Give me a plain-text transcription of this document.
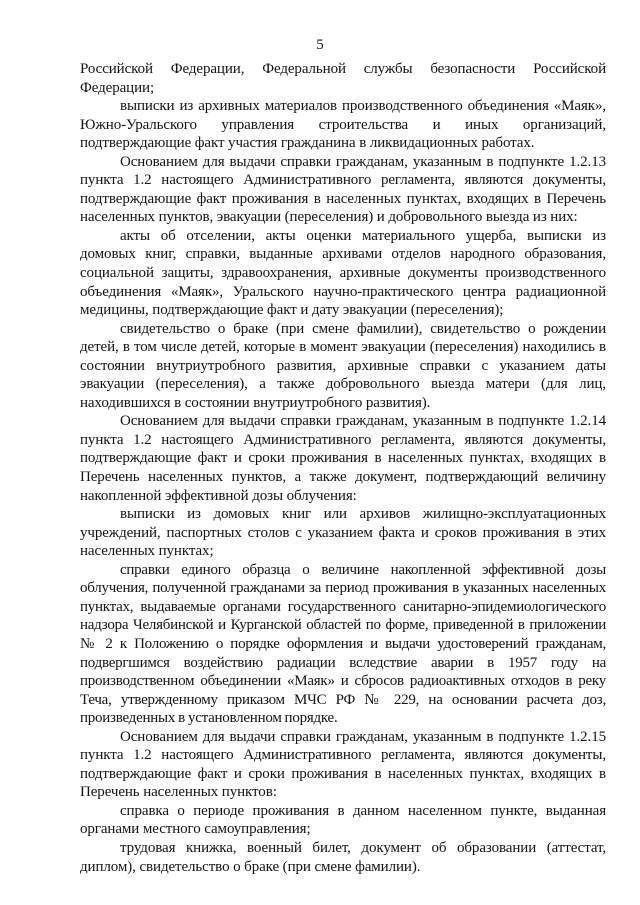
5

Российской Федерации, Федеральной службы безопасности Российской Федерации;

выписки из архивных материалов производственного объединения «Маяк», Южно-Уральского управления строительства и иных организаций, подтверждающие факт участия гражданина в ликвидационных работах.

Основанием для выдачи справки гражданам, указанным в подпункте 1.2.13 пункта 1.2 настоящего Административного регламента, являются документы, подтверждающие факт проживания в населенных пунктах, входящих в Перечень населенных пунктов, эвакуации (переселения) и добровольного выезда из них:

акты об отселении, акты оценки материального ущерба, выписки из домовых книг, справки, выданные архивами отделов народного образования, социальной защиты, здравоохранения, архивные документы производственного объединения «Маяк», Уральского научно-практического центра радиационной медицины, подтверждающие факт и дату эвакуации (переселения);

свидетельство о браке (при смене фамилии), свидетельство о рождении детей, в том числе детей, которые в момент эвакуации (переселения) находились в состоянии внутриутробного развития, архивные справки с указанием даты эвакуации (переселения), а также добровольного выезда матери (для лиц, находившихся в состоянии внутриутробного развития).

Основанием для выдачи справки гражданам, указанным в подпункте 1.2.14 пункта 1.2 настоящего Административного регламента, являются документы, подтверждающие факт и сроки проживания в населенных пунктах, входящих в Перечень населенных пунктов, а также документ, подтверждающий величину накопленной эффективной дозы облучения:

выписки из домовых книг или архивов жилищно-эксплуатационных учреждений, паспортных столов с указанием факта и сроков проживания в этих населенных пунктах;

справки единого образца о величине накопленной эффективной дозы облучения, полученной гражданами за период проживания в указанных населенных пунктах, выдаваемые органами государственного санитарно-эпидемиологического надзора Челябинской и Курганской областей по форме, приведенной в приложении № 2 к Положению о порядке оформления и выдачи удостоверений гражданам, подвергшимся воздействию радиации вследствие аварии в 1957 году на производственном объединении «Маяк» и сбросов радиоактивных отходов в реку Теча, утвержденному приказом МЧС РФ № 229, на основании расчета доз, произведенных в установленном порядке.

Основанием для выдачи справки гражданам, указанным в подпункте 1.2.15 пункта 1.2 настоящего Административного регламента, являются документы, подтверждающие факт и сроки проживания в населенных пунктах, входящих в Перечень населенных пунктов:

справка о периоде проживания в данном населенном пункте, выданная органами местного самоуправления;

трудовая книжка, военный билет, документ об образовании (аттестат, диплом), свидетельство о браке (при смене фамилии).
